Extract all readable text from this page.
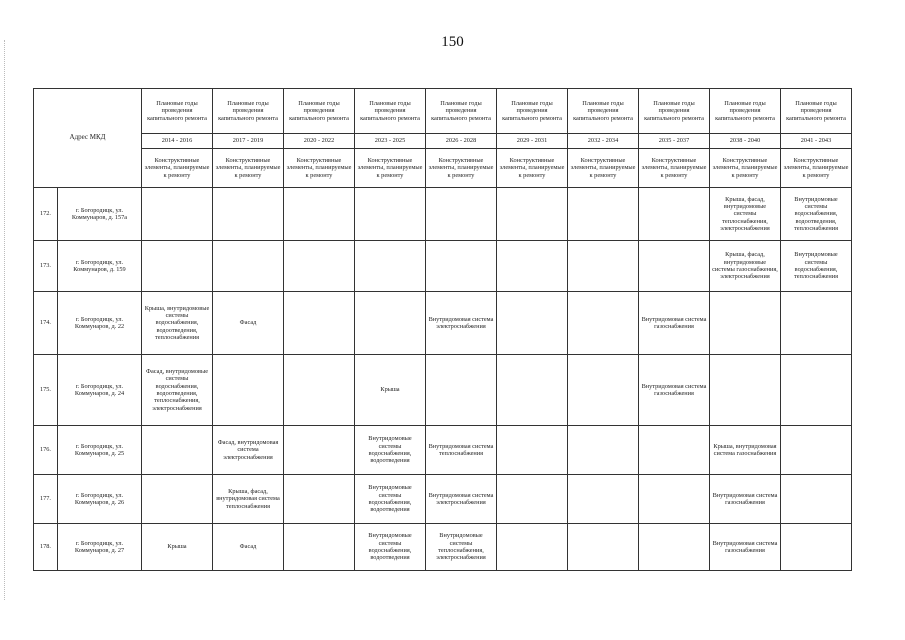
150
Адрес МКД		Плановые годы проведения капитального ремонта	Плановые годы проведения капитального ремонта	Плановые годы проведения капитального ремонта	Плановые годы проведения капитального ремонта	Плановые годы проведения капитального ремонта	Плановые годы проведения капитального ремонта	Плановые годы проведения капитального ремонта	Плановые годы проведения капитального ремонта	Плановые годы проведения капитального ремонта	Плановые годы проведения капитального ремонта
		2014 - 2016	2017 - 2019	2020 - 2022	2023 - 2025	2026 - 2028	2029 - 2031	2032 - 2034	2035 - 2037	2038 - 2040	2041 - 2043
		Конструктивные элементы, планируемые к ремонту	Конструктивные элементы, планируемые к ремонту	Конструктивные элементы, планируемые к ремонту	Конструктивные элементы, планируемые к ремонту	Конструктивные элементы, планируемые к ремонту	Конструктивные элементы, планируемые к ремонту	Конструктивные элементы, планируемые к ремонту	Конструктивные элементы, планируемые к ремонту	Конструктивные элементы, планируемые к ремонту	Конструктивные элементы, планируемые к ремонту
172.	г. Богородицк, ул. Коммунаров, д. 157а									Крыша, фасад, внутридомовые системы теплоснабжения, электроснабжения	Внутридомовые системы водоснабжения, водоотведения, теплоснабжения
173.	г. Богородицк, ул. Коммунаров, д. 159									Крыша, фасад, внутридомовые системы газоснабжения, электроснабжения	Внутридомовые системы водоснабжения, теплоснабжения
174.	г. Богородицк, ул. Коммунаров, д. 22	Крыша, внутридомовые системы водоснабжения, водоотведения, теплоснабжения	Фасад			Внутридомовая система электроснабжения			Внутридомовая система газоснабжения		
175.	г. Богородицк, ул. Коммунаров, д. 24	Фасад, внутридомовые системы водоснабжения, водоотведения, теплоснабжения, электроснабжения			Крыша				Внутридомовая система газоснабжения		
176.	г. Богородицк, ул. Коммунаров, д. 25		Фасад, внутридомовая система электроснабжения		Внутридомовые системы водоснабжения, водоотведения	Внутридомовая система теплоснабжения				Крыша, внутридомовая система газоснабжения	
177.	г. Богородицк, ул. Коммунаров, д. 26		Крыша, фасад, внутридомовая система теплоснабжения		Внутридомовые системы водоснабжения, водоотведения	Внутридомовая система электроснабжения				Внутридомовая система газоснабжения	
178.	г. Богородицк, ул. Коммунаров, д. 27	Крыша	Фасад		Внутридомовые системы водоснабжения, водоотведения	Внутридомовые системы теплоснабжения, электроснабжения				Внутридомовая система газоснабжения	
